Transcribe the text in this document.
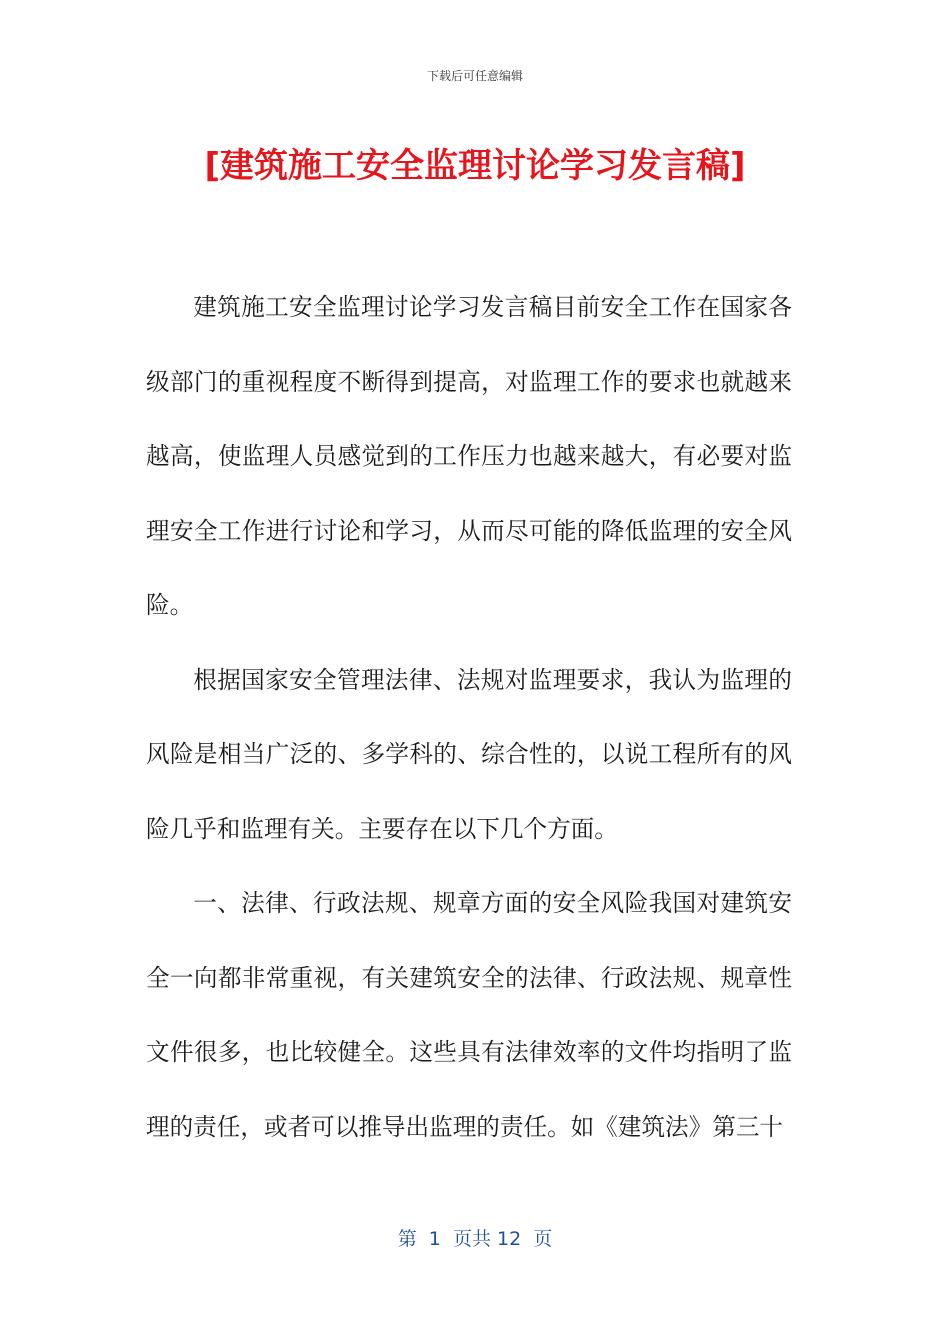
下载后可任意编辑
[建筑施工安全监理讨论学习发言稿]

建筑施工安全监理讨论学习发言稿目前安全工作在国家各级部门的重视程度不断得到提高，对监理工作的要求也就越来越高，使监理人员感觉到的工作压力也越来越大，有必要对监理安全工作进行讨论和学习，从而尽可能的降低监理的安全风险。

根据国家安全管理法律、法规对监理要求，我认为监理的风险是相当广泛的、多学科的、综合性的，以说工程所有的风险几乎和监理有关。主要存在以下几个方面。

一、法律、行政法规、规章方面的安全风险我国对建筑安全一向都非常重视，有关建筑安全的法律、行政法规、规章性文件很多，也比较健全。这些具有法律效率的文件均指明了监理的责任，或者可以推导出监理的责任。如《建筑法》第三十

第  1  页共 12  页
